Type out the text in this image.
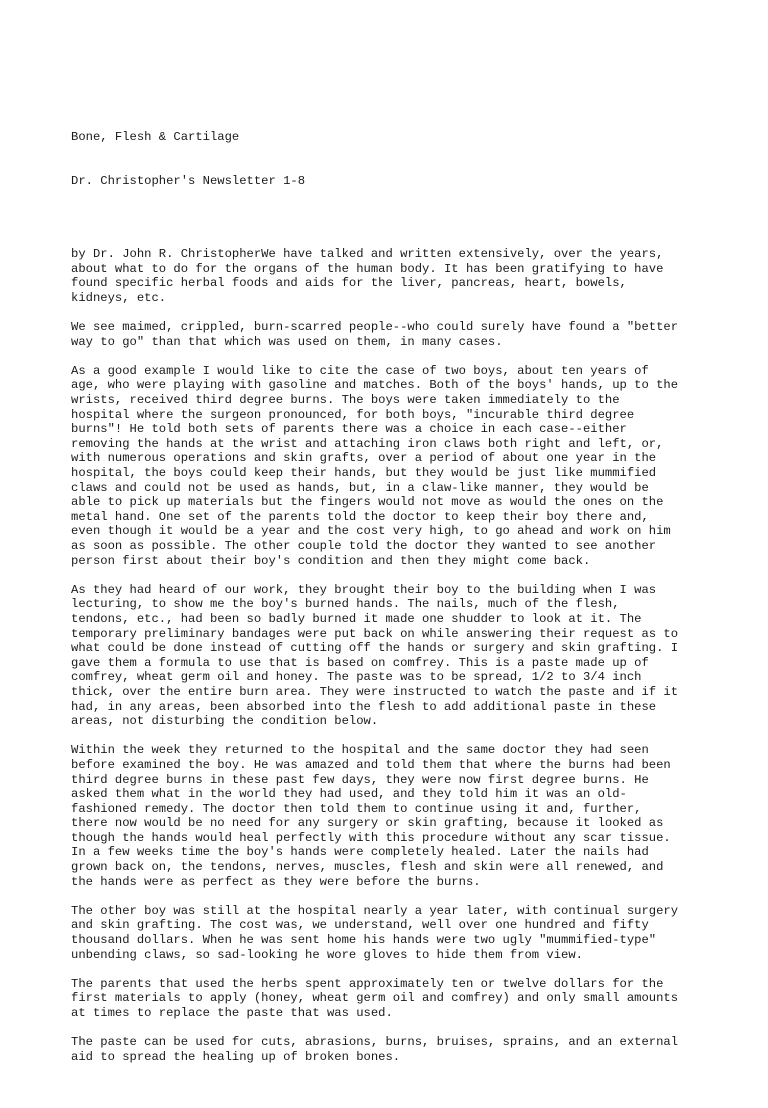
Bone, Flesh & Cartilage

Dr. Christopher's Newsletter 1-8

by Dr. John R. ChristopherWe have talked and written extensively, over the years,
about what to do for the organs of the human body. It has been gratifying to have
found specific herbal foods and aids for the liver, pancreas, heart, bowels,
kidneys, etc.
We see maimed, crippled, burn-scarred people--who could surely have found a "better
way to go" than that which was used on them, in many cases.
As a good example I would like to cite the case of two boys, about ten years of
age, who were playing with gasoline and matches. Both of the boys' hands, up to the
wrists, received third degree burns. The boys were taken immediately to the
hospital where the surgeon pronounced, for both boys, "incurable third degree
burns"! He told both sets of parents there was a choice in each case--either
removing the hands at the wrist and attaching iron claws both right and left, or,
with numerous operations and skin grafts, over a period of about one year in the
hospital, the boys could keep their hands, but they would be just like mummified
claws and could not be used as hands, but, in a claw-like manner, they would be
able to pick up materials but the fingers would not move as would the ones on the
metal hand. One set of the parents told the doctor to keep their boy there and,
even though it would be a year and the cost very high, to go ahead and work on him
as soon as possible. The other couple told the doctor they wanted to see another
person first about their boy's condition and then they might come back.
As they had heard of our work, they brought their boy to the building when I was
lecturing, to show me the boy's burned hands. The nails, much of the flesh,
tendons, etc., had been so badly burned it made one shudder to look at it. The
temporary preliminary bandages were put back on while answering their request as to
what could be done instead of cutting off the hands or surgery and skin grafting. I
gave them a formula to use that is based on comfrey. This is a paste made up of
comfrey, wheat germ oil and honey. The paste was to be spread, 1/2 to 3/4 inch
thick, over the entire burn area. They were instructed to watch the paste and if it
had, in any areas, been absorbed into the flesh to add additional paste in these
areas, not disturbing the condition below.
Within the week they returned to the hospital and the same doctor they had seen
before examined the boy. He was amazed and told them that where the burns had been
third degree burns in these past few days, they were now first degree burns. He
asked them what in the world they had used, and they told him it was an old-
fashioned remedy. The doctor then told them to continue using it and, further,
there now would be no need for any surgery or skin grafting, because it looked as
though the hands would heal perfectly with this procedure without any scar tissue.
In a few weeks time the boy's hands were completely healed. Later the nails had
grown back on, the tendons, nerves, muscles, flesh and skin were all renewed, and
the hands were as perfect as they were before the burns.
The other boy was still at the hospital nearly a year later, with continual surgery
and skin grafting. The cost was, we understand, well over one hundred and fifty
thousand dollars. When he was sent home his hands were two ugly "mummified-type"
unbending claws, so sad-looking he wore gloves to hide them from view.
The parents that used the herbs spent approximately ten or twelve dollars for the
first materials to apply (honey, wheat germ oil and comfrey) and only small amounts
at times to replace the paste that was used.
The paste can be used for cuts, abrasions, burns, bruises, sprains, and an external
aid to spread the healing up of broken bones.
